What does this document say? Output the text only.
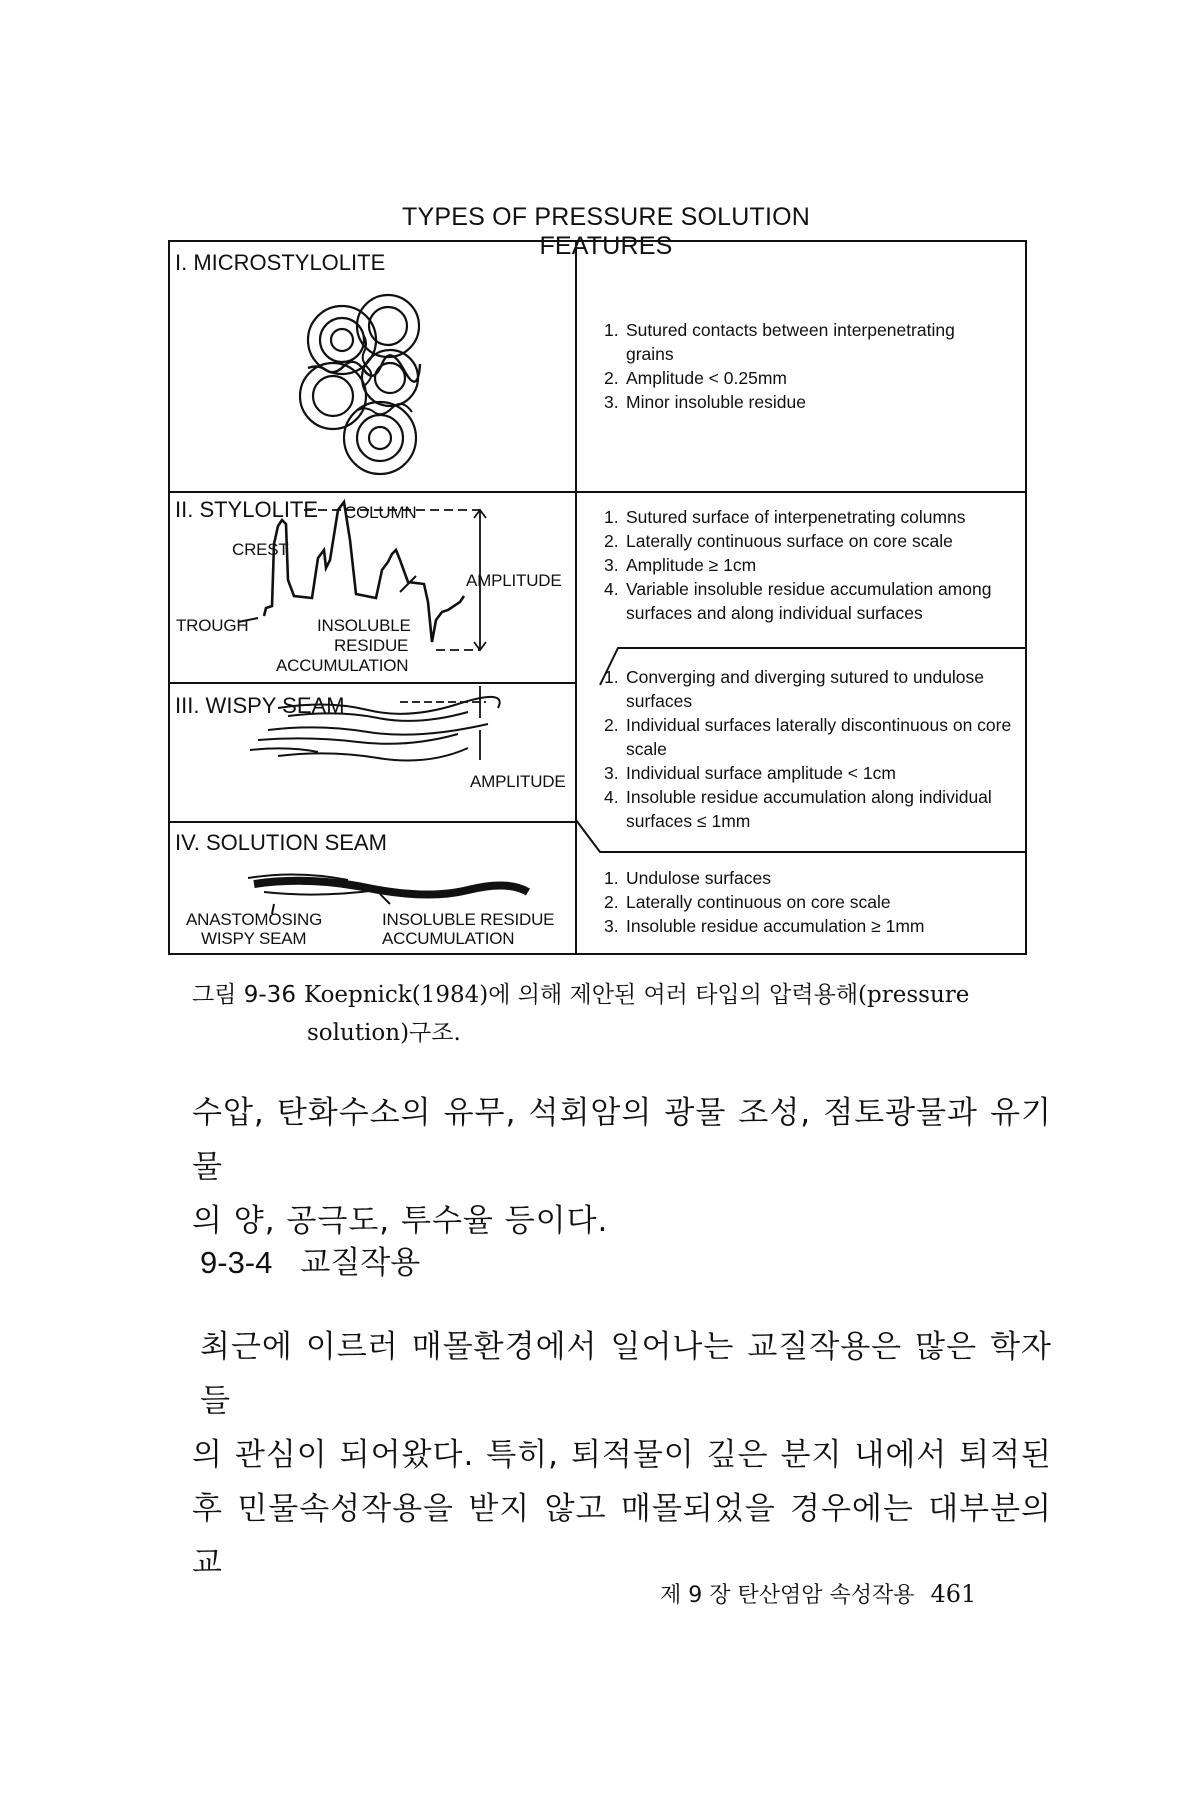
TYPES OF PRESSURE SOLUTION FEATURES
I. MICROSTYLOLITE
II. STYLOLITE
III. WISPY SEAM
IV. SOLUTION SEAM
COLUMN
CREST
TROUGH
AMPLITUDE
INSOLUBLE
RESIDUE
ACCUMULATION
AMPLITUDE
ANASTOMOSING
WISPY SEAM
INSOLUBLE RESIDUE
ACCUMULATION
1. Sutured contacts between interpenetrating grains
2. Amplitude < 0.25mm
3. Minor insoluble residue
1. Sutured surface of interpenetrating columns
2. Laterally continuous surface on core scale
3. Amplitude ≥ 1cm
4. Variable insoluble residue accumulation among surfaces and along individual surfaces
1. Converging and diverging sutured to undulose surfaces
2. Individual surfaces laterally discontinuous on core scale
3. Individual surface amplitude < 1cm
4. Insoluble residue accumulation along individual surfaces ≤ 1mm
1. Undulose surfaces
2. Laterally continuous on core scale
3. Insoluble residue accumulation ≥ 1mm
그림 9-36 Koepnick(1984)에 의해 제안된 여러 타입의 압력용해(pressure
solution)구조.
수압, 탄화수소의 유무, 석회암의 광물 조성, 점토광물과 유기물
의 양, 공극도, 투수율 등이다.
9-3-4 교질작용
최근에 이르러 매몰환경에서 일어나는 교질작용은 많은 학자들
의 관심이 되어왔다. 특히, 퇴적물이 깊은 분지 내에서 퇴적된
후 민물속성작용을 받지 않고 매몰되었을 경우에는 대부분의 교
제 9 장 탄산염암 속성작용 461
